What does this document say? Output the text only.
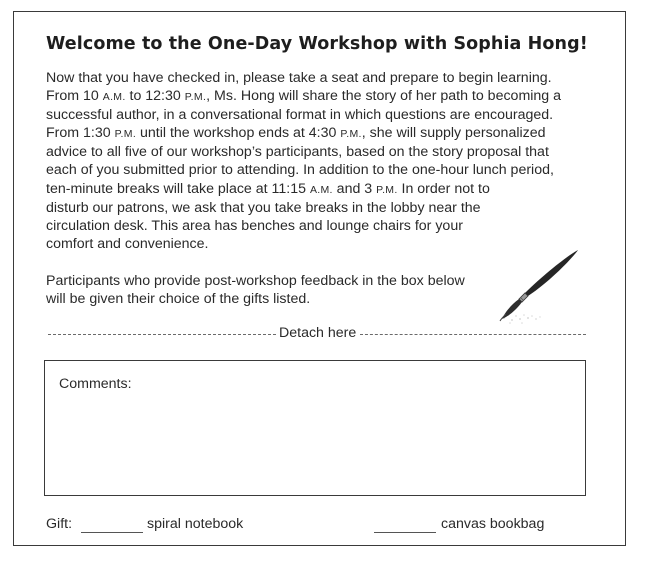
Welcome to the One-Day Workshop with Sophia Hong!

Now that you have checked in, please take a seat and prepare to begin learning.
From 10 A.M. to 12:30 P.M., Ms. Hong will share the story of her path to becoming a
successful author, in a conversational format in which questions are encouraged.
From 1:30 P.M. until the workshop ends at 4:30 P.M., she will supply personalized
advice to all five of our workshop’s participants, based on the story proposal that
each of you submitted prior to attending. In addition to the one-hour lunch period,
ten-minute breaks will take place at 11:15 A.M. and 3 P.M. In order not to
disturb our patrons, we ask that you take breaks in the lobby near the
circulation desk. This area has benches and lounge chairs for your
comfort and convenience.

Participants who provide post-workshop feedback in the box below
will be given their choice of the gifts listed.

Detach here
Comments:
Gift:	spiral notebook	canvas bookbag
